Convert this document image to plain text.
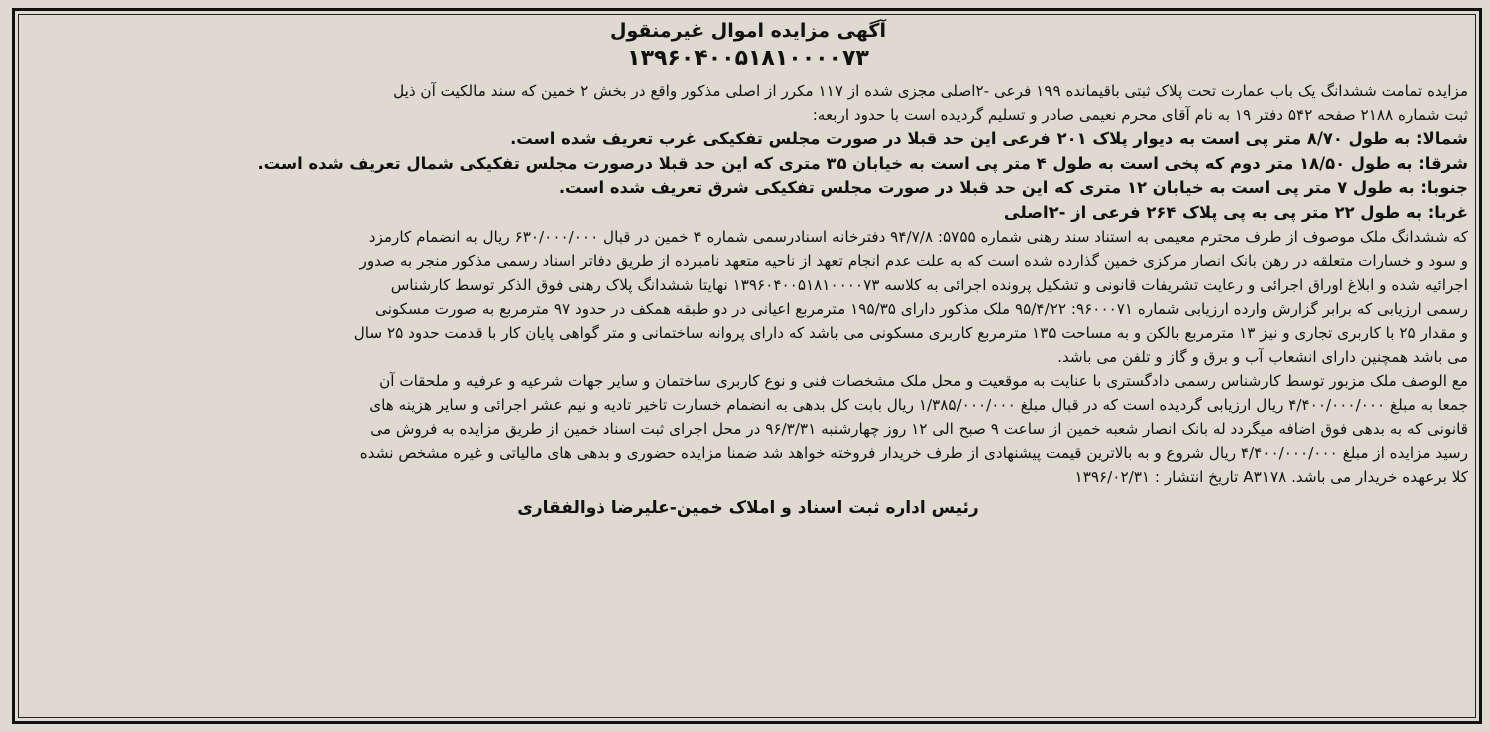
آگهی مزایده اموال غیرمنقول
۱۳۹۶۰۴۰۰۵۱۸۱۰۰۰۰۷۳
مزایده تمامت ششدانگ یک باب عمارت تحت پلاک ثبتی باقیمانده ۱۹۹ فرعی -۲اصلی مجزی شده از ۱۱۷ مکرر از اصلی مذکور واقع در بخش ۲ خمین که سند مالکیت آن ذیل
ثبت شماره ۲۱۸۸ صفحه ۵۴۲ دفتر ۱۹ به نام آقای محرم نعیمی صادر و تسلیم گردیده است با حدود اربعه:
شمالا: به طول ۸/۷۰ متر پی است به دیوار پلاک ۲۰۱ فرعی این حد قبلا در صورت مجلس تفکیکی غرب تعریف شده است.
شرقا: به طول ۱۸/۵۰ متر دوم که پخی است به طول ۴ متر پی است به خیابان ۳۵ متری که این حد قبلا درصورت مجلس تفکیکی شمال تعریف شده است.
جنوبا: به طول ۷ متر پی است به خیابان ۱۲ متری که این حد قبلا در صورت مجلس تفکیکی شرق تعریف شده است.
غربا: به طول ۲۲ متر پی به پی پلاک ۲۶۴ فرعی از -۲اصلی
که ششدانگ ملک موصوف از طرف محترم معیمی به استناد سند رهنی شماره ۵۷۵۵: ۹۴/۷/۸ دفترخانه اسنادرسمی شماره ۴ خمین در قبال ۶۳۰/۰۰۰/۰۰۰ ریال به انضمام کارمزد
و سود و خسارات متعلقه در رهن بانک انصار مرکزی خمین گذارده شده است که به علت عدم انجام تعهد از ناحیه متعهد نامبرده از طریق دفاتر اسناد رسمی مذکور منجر به صدور
اجرائیه شده و ابلاغ اوراق اجرائی و رعایت تشریفات قانونی و تشکیل پرونده اجرائی به کلاسه ۱۳۹۶۰۴۰۰۵۱۸۱۰۰۰۰۷۳ نهایتا ششدانگ پلاک رهنی فوق الذکر توسط کارشناس
رسمی ارزیابی که برابر گزارش وارده ارزیابی شماره ۹۶۰۰۰۷۱: ۹۵/۴/۲۲ ملک مذکور دارای ۱۹۵/۳۵ مترمربع اعیانی در دو طبقه همکف در حدود ۹۷ مترمربع به صورت مسکونی
و مقدار ۲۵ با کاربری تجاری و نیز ۱۳ مترمربع بالکن و به مساحت ۱۳۵ مترمربع کاربری مسکونی می باشد که دارای پروانه ساختمانی و متر گواهی پایان کار با قدمت حدود ۲۵ سال
می باشد همچنین دارای انشعاب آب و برق و گاز و تلفن می باشد.
مع الوصف ملک مزبور توسط کارشناس رسمی دادگستری با عنایت به موقعیت و محل ملک مشخصات فنی و نوع کاربری ساختمان و سایر جهات شرعیه و عرفیه و ملحقات آن
جمعا به مبلغ ۴/۴۰۰/۰۰۰/۰۰۰ ریال ارزیابی گردیده است که در قبال مبلغ ۱/۳۸۵/۰۰۰/۰۰۰ ریال بابت کل بدهی به انضمام خسارت تاخیر تادیه و نیم عشر اجرائی و سایر هزینه های
قانونی که به بدهی فوق اضافه میگردد له بانک انصار شعبه خمین از ساعت ۹ صبح الی ۱۲ روز چهارشنبه ۹۶/۳/۳۱ در محل اجرای ثبت اسناد خمین از طریق مزایده به فروش می
رسید مزایده از مبلغ ۴/۴۰۰/۰۰۰/۰۰۰ ریال شروع و به بالاترین قیمت پیشنهادی از طرف خریدار فروخته خواهد شد ضمنا مزایده حضوری و بدهی های مالیاتی و غیره مشخص نشده
کلا برعهده خریدار می باشد. A۳۱۷۸ تاریخ انتشار : ۱۳۹۶/۰۲/۳۱
رئیس اداره ثبت اسناد و املاک خمین-علیرضا ذوالفقاری
